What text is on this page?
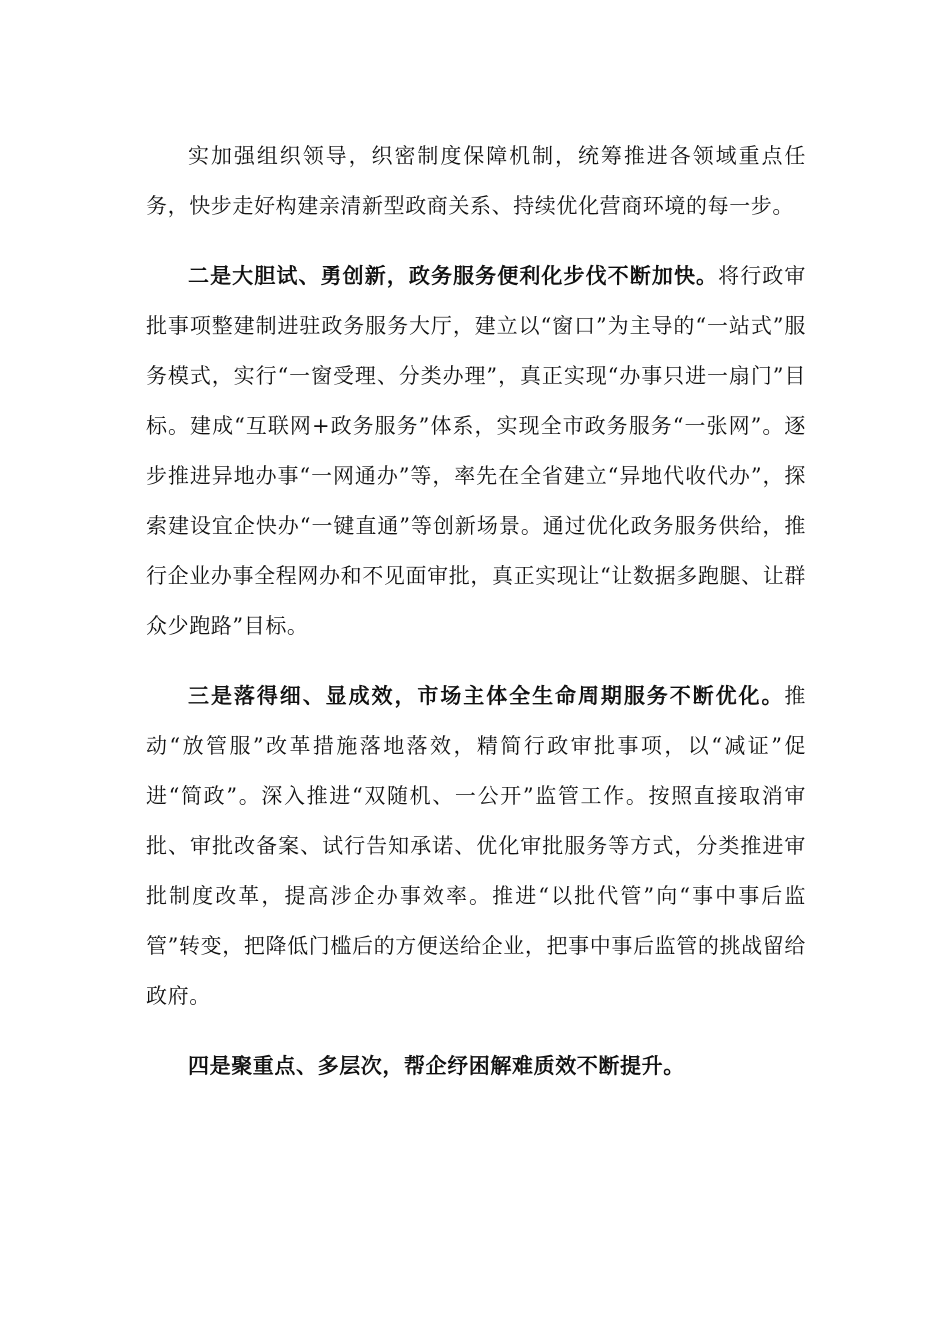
实加强组织领导，织密制度保障机制，统筹推进各领域重点任务，快步走好构建亲清新型政商关系、持续优化营商环境的每一步。

二是大胆试、勇创新，政务服务便利化步伐不断加快。将行政审批事项整建制进驻政务服务大厅，建立以“窗口”为主导的“一站式”服务模式，实行“一窗受理、分类办理”，真正实现“办事只进一扇门”目标。建成“互联网+政务服务”体系，实现全市政务服务“一张网”。逐步推进异地办事“一网通办”等，率先在全省建立“异地代收代办”，探索建设宜企快办“一键直通”等创新场景。通过优化政务服务供给，推行企业办事全程网办和不见面审批，真正实现让“让数据多跑腿、让群众少跑路”目标。

三是落得细、显成效，市场主体全生命周期服务不断优化。推动“放管服”改革措施落地落效，精简行政审批事项，以“减证”促进“简政”。深入推进“双随机、一公开”监管工作。按照直接取消审批、审批改备案、试行告知承诺、优化审批服务等方式，分类推进审批制度改革，提高涉企办事效率。推进“以批代管”向“事中事后监管”转变，把降低门槛后的方便送给企业，把事中事后监管的挑战留给政府。

四是聚重点、多层次，帮企纾困解难质效不断提升。
